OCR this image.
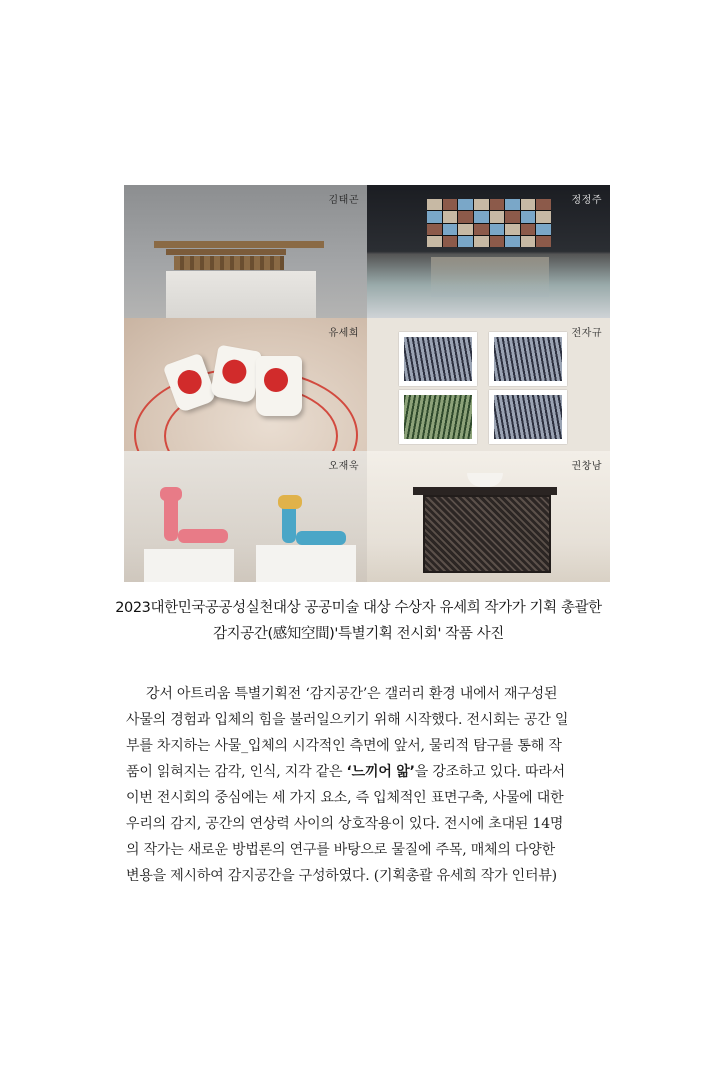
김태곤	정정주
유세희	전자규
오재욱	권창남
2023대한민국공공성실천대상 공공미술 대상 수상자 유세희 작가가 기획 총괄한
감지공간(感知空間)'특별기획 전시회' 작품 사진

강서 아트리움 특별기획전 ‘감지공간’은 갤러리 환경 내에서 재구성된

사물의 경험과 입체의 힘을 불러일으키기 위해 시작했다. 전시회는 공간 일

부를 차지하는 사물_입체의 시각적인 측면에 앞서, 물리적 탐구를 통해 작

품이 읽혀지는 감각, 인식, 지각 같은 ‘느끼어 앎’을 강조하고 있다. 따라서

이번 전시회의 중심에는 세 가지 요소, 즉 입체적인 표면구축, 사물에 대한

우리의 감지, 공간의 연상력 사이의 상호작용이 있다. 전시에 초대된 14명

의 작가는 새로운 방법론의 연구를 바탕으로 물질에 주목, 매체의 다양한

변용을 제시하여 감지공간을 구성하였다. (기획총괄 유세희 작가 인터뷰)
